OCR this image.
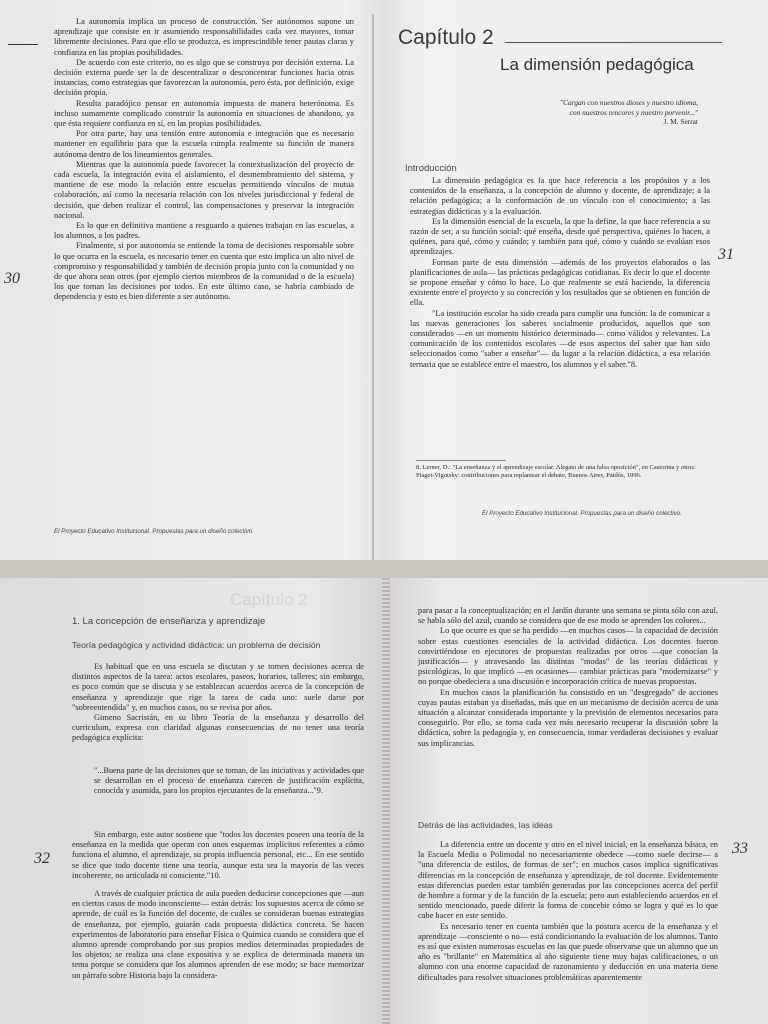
La autonomía implica un proceso de construcción. Ser autónomos supone un aprendizaje que consiste en ir asumiendo responsabilidades cada vez mayores, tomar libremente decisiones. Para que ello se produzca, es imprescindible tener pautas claras y confianza en las propias posibilidades.

De acuerdo con este criterio, no es algo que se construya por decisión externa. La decisión externa puede ser la de descentralizar o desconcentrar funciones hacia otras instancias, como estrategias que favorezcan la autonomía, pero ésta, por definición, exige decisión propia.

Resulta paradójico pensar en autonomía impuesta de manera heterónoma. Es incluso sumamente complicado construir la autonomía en situaciones de abandono, ya que ésta requiere confianza en sí, en las propias posibilidades.

Por otra parte, hay una tensión entre autonomía e integración que es necesario mantener en equilibrio para que la escuela cumpla realmente su función de manera autónoma dentro de los lineamientos generales.

Mientras que la autonomía puede favorecer la contextualización del proyecto de cada escuela, la integración evita el aislamiento, el desmembramiento del sistema, y mantiene de ese modo la relación entre escuelas permitiendo vínculos de mutua colaboración, así como la necesaria relación con los niveles jurisdiccional y federal de decisión, que deben realizar el control, las compensaciones y preservar la integración nacional.

Es lo que en definitiva mantiene a resguardo a quienes trabajan en las escuelas, a los alumnos, a los padres.

Finalmente, si por autonomía se entiende la toma de decisiones responsable sobre lo que ocurra en la escuela, es necesario tener en cuenta que esto implica un alto nivel de compromiso y responsabilidad y también de decisión propia junto con la comunidad y no de que ahora sean otros (por ejemplo ciertos miembros de la comunidad o de la escuela) los que toman las decisiones por todos. En este último caso, se habría cambiado de dependencia y esto es bien diferente a ser autónomo.

30
El Proyecto Educativo Institucional. Propuestas para un diseño colectivo.
Capítulo 2
La dimensión pedagógica
"Cargan con nuestros dioses y nuestro idioma,
con nuestros rencores y nuestro porvenir..."
J. M. Serrat
Introducción

La dimensión pedagógica es la que hace referencia a los propósitos y a los contenidos de la enseñanza, a la concepción de alumno y docente, de aprendizaje; a la relación pedagógica; a la conformación de un vínculo con el conocimiento; a las estrategias didácticas y a la evaluación.

Es la dimensión esencial de la escuela, la que la define, la que hace referencia a su razón de ser, a su función social: qué enseña, desde qué perspectiva, quiénes lo hacen, a quiénes, para qué, cómo y cuándo; y también para qué, cómo y cuándo se evalúan esos aprendizajes.

Forman parte de esta dimensión —además de los proyectos elaborados o las planificaciones de aula— las prácticas pedagógicas cotidianas. Es decir lo que el docente se propone enseñar y cómo lo hace. Lo que realmente se está haciendo, la diferencia existente entre el proyecto y su concreción y los resultados que se obtienen en función de ella.

"La institución escolar ha sido creada para cumplir una función: la de comunicar a las nuevas generaciones los saberes socialmente producidos, aquellos que son considerados —en un momento histórico determinado— como válidos y relevantes. La comunicación de los contenidos escolares —de esos aspectos del saber que han sido seleccionados como "saber a enseñar"— da lugar a la relación didáctica, a esa relación ternaria que se establece entre el maestro, los alumnos y el saber."8.

31
8. Lerner, D.: "La enseñanza y el aprendizaje escolar. Alegato de una falsa oposición", en Castorina y otros: Piaget-Vigotsky: contribuciones para replantear el debate, Buenos Aires, Paidós, 1996.
El Proyecto Educativo Institucional. Propuestas para un diseño colectivo.
Capítulo 2
1. La concepción de enseñanza y aprendizaje
Teoría pedagógica y actividad didáctica: un problema de decisión

Es habitual que en una escuela se discutan y se tomen decisiones acerca de distintos aspectos de la tarea: actos escolares, paseos, horarios, talleres; sin embargo, es poco común que se discuta y se establezcan acuerdos acerca de la concepción de enseñanza y aprendizaje que rige la tarea de cada uno: suele darse por "sobreentendida" y, en muchos casos, no se revisa por años.

Gimeno Sacristán, en su libro Teoría de la enseñanza y desarrollo del curriculum, expresa con claridad algunas consecuencias de no tener una teoría pedagógica explícita:

"...Buena parte de las decisiones que se toman, de las iniciativas y actividades que se desarrollan en el proceso de enseñanza carecen de justificación explícita, conocida y asumida, para los propios ejecutantes de la enseñanza..."9.

Sin embargo, este autor sostiene que "todos los docentes poseen una teoría de la enseñanza en la medida que operan con unos esquemas implícitos referentes a cómo funciona el alumno, el aprendizaje, su propia influencia personal, etc... En ese sentido se dice que todo docente tiene una teoría, aunque esta sea la mayoría de las veces incoherente, no articulada ni consciente."10.

A través de cualquier práctica de aula pueden deducirse concepciones que —aun en ciertos casos de modo inconsciente— están detrás: los supuestos acerca de cómo se aprende, de cuál es la función del docente, de cuáles se consideran buenas estrategias de enseñanza, por ejemplo, guiarán cada propuesta didáctica concreta. Se hacen experimentos de laboratorio para enseñar Física o Química cuando se considera que el alumno aprende comprobando por sus propios medios determinadas propiedades de los objetos; se realiza una clase expositiva y se explica de determinada manera un tema porque se considera que los alumnos aprenden de ese modo; se hace memorizar un párrafo sobre Historia bajo la considera-

32

para pasar a la conceptualización; en el Jardín durante una semana se pinta sólo con azul, se habla sólo del azul, cuando se considera que de ese modo se aprenden los colores...

Lo que ocurre es que se ha perdido —en muchos casos— la capacidad de decisión sobre estas cuestiones esenciales de la actividad didáctica. Los docentes fueron convirtiéndose en ejecutores de propuestas realizadas por otros —que conocían la justificación— y atravesando las distintas "modas" de las teorías didácticas y psicológicas, lo que implicó —en ocasiones— cambiar prácticas para "modernizarse" y no porque obedeciera a una discusión e incorporación crítica de nuevas propuestas.

En muchos casos la planificación ha consistido en un "desgregado" de acciones cuyas pautas estaban ya diseñadas, más que en un mecanismo de decisión acerca de una situación a alcanzar considerada importante y la previsión de elementos necesarios para conseguirlo. Por ello, se torna cada vez más necesario recuperar la discusión sobre la didáctica, sobre la pedagogía y, en consecuencia, tomar verdaderas decisiones y evaluar sus implicancias.

Detrás de las actividades, las ideas

La diferencia entre un docente y otro en el nivel inicial, en la enseñanza básica, en la Escuela Media o Polimodal no necesariamente obedece —como suele decirse— a "una diferencia de estilos, de formas de ser"; en muchos casos implica significativas diferencias en la concepción de enseñanza y aprendizaje, de rol docente. Evidentemente estas diferencias pueden estar también generadas por las concepciones acerca del perfil de hombre a formar y de la función de la escuela; pero aun estableciendo acuerdos en el sentido mencionado, puede diferir la forma de concebir cómo se logra y qué es lo que cabe hacer en este sentido.

Es necesario tener en cuenta también que la postura acerca de la enseñanza y el aprendizaje —consciente o no— está condicionando la evaluación de los alumnos. Tanto es así que existen numerosas escuelas en las que puede observarse que un alumno que un año es "brillante" en Matemática al año siguiente tiene muy bajas calificaciones, o un alumno con una enorme capacidad de razonamiento y deducción en una materia tiene dificultades para resolver situaciones problemáticas aparentemente

33
